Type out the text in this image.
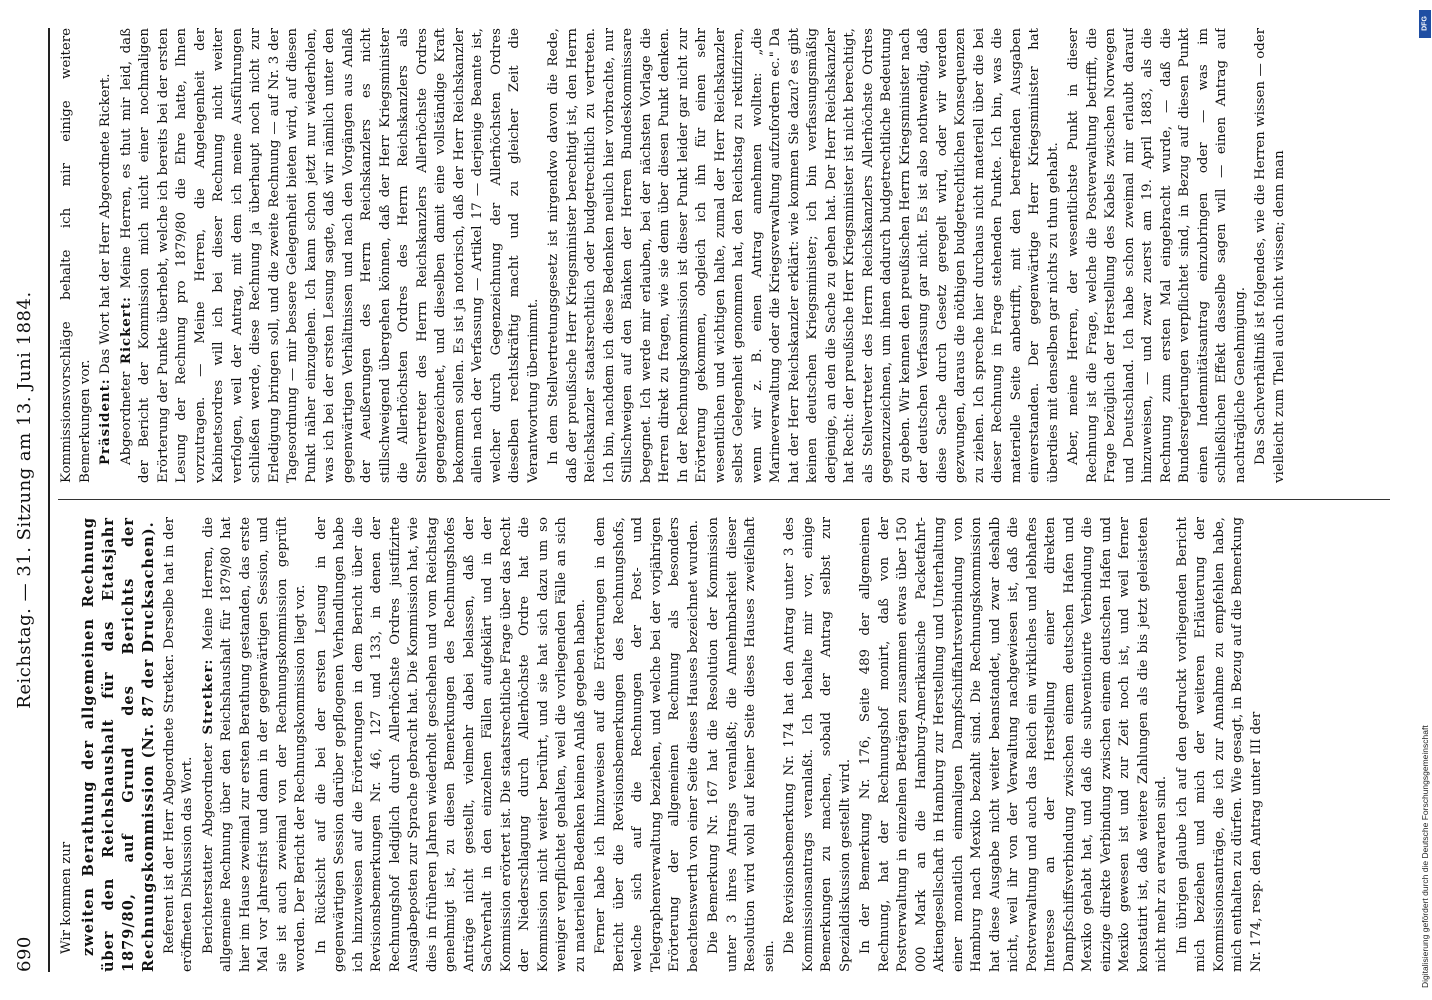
690
Reichstag. — 31. Sitzung am 13. Juni 1884.

Wir kommen zur zweiten Berathung der allgemeinen Rechnung über den Reichshaushalt für das Etatsjahr 1879/80, auf Grund des Berichts der Rechnungskommission (Nr. 87 der Drucksachen). Referent ist der Herr Abgeordnete Stretker. Derselbe hat in der eröffneten Diskussion das Wort. Berichterstatter Abgeordneter Stretker: Meine Herren, die allgemeine Rechnung über den Reichshaushalt für 1879/80 hat hier im Hause zweimal zur ersten Berathung gestanden, das erste Mal vor Jahresfrist und dann in der gegenwärtigen Session, und sie ist auch zweimal von der Rechnungskommission geprüft worden. Der Bericht der Rechnungskommission liegt vor. In Rücksicht auf die bei der ersten Lesung in der gegenwärtigen Session darüber gepflogenen Verhandlungen habe ich hinzuweisen auf die Erörterungen in dem Bericht über die Revisionsbemerkungen Nr. 46, 127 und 133, in denen der Rechnungshof lediglich durch Allerhöchste Ordres justifizirte Ausgabeposten zur Sprache gebracht hat. Die Kommission hat, wie dies in früheren Jahren wiederholt geschehen und vom Reichstag genehmigt ist, zu diesen Bemerkungen des Rechnungshofes Anträge nicht gestellt, vielmehr dabei belassen, daß der Sachverhalt in den einzelnen Fällen aufgeklärt und in der Kommission erörtert ist. Die staatsrechtliche Frage über das Recht der Niederschlagung durch Allerhöchste Ordre hat die Kommission nicht weiter berührt, und sie hat sich dazu um so weniger verpflichtet gehalten, weil die vorliegenden Fälle an sich zu materiellen Bedenken keinen Anlaß gegeben haben. Ferner habe ich hinzuweisen auf die Erörterungen in dem Bericht über die Revisionsbemerkungen des Rechnungshofs, welche sich auf die Rechnungen der Post- und Telegraphenverwaltung beziehen, und welche bei der vorjährigen Erörterung der allgemeinen Rechnung als besonders beachtenswerth von einer Seite dieses Hauses bezeichnet wurden. Die Bemerkung Nr. 167 hat die Resolution der Kommission unter 3 ihres Antrags veranlaßt; die Annehmbarkeit dieser Resolution wird wohl auf keiner Seite dieses Hauses zweifelhaft sein.

Die Revisionsbemerkung Nr. 174 hat den Antrag unter 3 des Kommissionsantrags veranlaßt. Ich behalte mir vor, einige Bemerkungen zu machen, sobald der Antrag selbst zur Spezialdiskussion gestellt wird. In der Bemerkung Nr. 176, Seite 489 der allgemeinen Rechnung, hat der Rechnungshof monirt, daß von der Postverwaltung in einzelnen Beträgen zusammen etwas über 150 000 Mark an die Hamburg-Amerikanische Packetfahrt-Aktiengesellschaft in Hamburg zur Herstellung und Unterhaltung einer monatlich einmaligen Dampfschiffahrtsverbindung von Hamburg nach Mexiko bezahlt sind. Die Rechnungskommission hat diese Ausgabe nicht weiter beanstandet, und zwar deshalb nicht, weil ihr von der Verwaltung nachgewiesen ist, daß die Postverwaltung und auch das Reich ein wirkliches und lebhaftes Interesse an der Herstellung einer direkten Dampfschiffsverbindung zwischen einem deutschen Hafen und Mexiko gehabt hat, und daß die subventionirte Verbindung die einzige direkte Verbindung zwischen einem deutschen Hafen und Mexiko gewesen ist und zur Zeit noch ist, und weil ferner konstatirt ist, daß weitere Zahlungen als die bis jetzt geleisteten nicht mehr zu erwarten sind. Im übrigen glaube ich auf den gedruckt vorliegenden Bericht mich beziehen und mich der weiteren Erläuterung der Kommissionsanträge, die ich zur Annahme zu empfehlen habe, mich enthalten zu dürfen. Wie gesagt, in Bezug auf die Bemerkung Nr. 174, resp. den Antrag unter III der

Kommissionsvorschläge behalte ich mir einige weitere Bemerkungen vor. Präsident: Das Wort hat der Herr Abgeordnete Rickert.

Abgeordneter Rickert: Meine Herren, es thut mir leid, daß der Bericht der Kommission mich nicht einer nochmaligen Erörterung der Punkte überhebt, welche ich bereits bei der ersten Lesung der Rechnung pro 1879/80 die Ehre hatte, Ihnen vorzutragen. — Meine Herren, die Angelegenheit der Kabinetsordres will ich bei dieser Rechnung nicht weiter verfolgen, weil der Antrag, mit dem ich meine Ausführungen schließen werde, diese Rechnung ja überhaupt noch nicht zur Erledigung bringen soll, und die zweite Rechnung — auf Nr. 3 der Tagesordnung — mir bessere Gelegenheit bieten wird, auf diesen Punkt näher einzugehen. Ich kann schon jetzt nur wiederholen, was ich bei der ersten Lesung sagte, daß wir nämlich unter den gegenwärtigen Verhältnissen und nach den Vorgängen aus Anlaß der Aeußerungen des Herrn Reichskanzlers es nicht stillschweigend übergehen können, daß der Herr Kriegsminister die Allerhöchsten Ordres des Herrn Reichskanzlers als Stellvertreter des Herrn Reichskanzlers Allerhöchste Ordres gegengezeichnet, und dieselben damit eine vollständige Kraft bekommen sollen. Es ist ja notorisch, daß der Herr Reichskanzler allein nach der Verfassung — Artikel 17 — derjenige Beamte ist, welcher durch Gegenzeichnung der Allerhöchsten Ordres dieselben rechtskräftig macht und zu gleicher Zeit die Verantwortung übernimmt. In dem Stellvertretungsgesetz ist nirgendwo davon die Rede, daß der preußische Herr Kriegsminister berechtigt ist, den Herrn Reichskanzler staatsrechtlich oder budgetrechtlich zu vertreten. Ich bin, nachdem ich diese Bedenken neulich hier vorbrachte, nur Stillschweigen auf den Bänken der Herren Bundeskommissare begegnet. Ich werde mir erlauben, bei der nächsten Vorlage die Herren direkt zu fragen, wie sie denn über diesen Punkt denken. In der Rechnungskommission ist dieser Punkt leider gar nicht zur Erörterung gekommen, obgleich ich ihn für einen sehr wesentlichen und wichtigen halte, zumal der Herr Reichskanzler selbst Gelegenheit genommen hat, den Reichstag zu rektifiziren, wenn wir z. B. einen Antrag annehmen wollten: „die Marineverwaltung oder die Kriegsverwaltung aufzufordern ec." Da hat der Herr Reichskanzler erklärt: wie kommen Sie dazu? es gibt keinen deutschen Kriegsminister; ich bin verfassungsmäßig derjenige, an den die Sache zu gehen hat. Der Herr Reichskanzler hat Recht: der preußische Herr Kriegsminister ist nicht berechtigt, als Stellvertreter des Herrn Reichskanzlers Allerhöchste Ordres gegenzuzeichnen, um ihnen dadurch budgetrechtliche Bedeutung zu geben. Wir kennen den preußischen Herrn Kriegsminister nach der deutschen Verfassung gar nicht. Es ist also nothwendig, daß diese Sache durch Gesetz geregelt wird, oder wir werden gezwungen, daraus die nöthigen budgetrechtlichen Konsequenzen zu ziehen. Ich spreche hier durchaus nicht materiell über die bei dieser Rechnung in Frage stehenden Punkte. Ich bin, was die materielle Seite anbetrifft, mit den betreffenden Ausgaben einverstanden. Der gegenwärtige Herr Kriegsminister hat überdies mit denselben gar nichts zu thun gehabt. Aber, meine Herren, der wesentlichste Punkt in dieser Rechnung ist die Frage, welche die Postverwaltung betrifft, die Frage bezüglich der Herstellung des Kabels zwischen Norwegen und Deutschland. Ich habe schon zweimal mir erlaubt darauf hinzuweisen, — und zwar zuerst am 19. April 1883, als die Rechnung zum ersten Mal eingebracht wurde, — daß die Bundesregierungen verpflichtet sind, in Bezug auf diesen Punkt einen Indemnitätsantrag einzubringen oder — was im schließlichen Effekt dasselbe sagen will — einen Antrag auf nachträgliche Genehmigung. Das Sachverhältniß ist folgendes, wie die Herren wissen — oder vielleicht zum Theil auch nicht wissen; denn man

Digitalisierung gefördert durch die Deutsche Forschungsgemeinschaft
DFG
